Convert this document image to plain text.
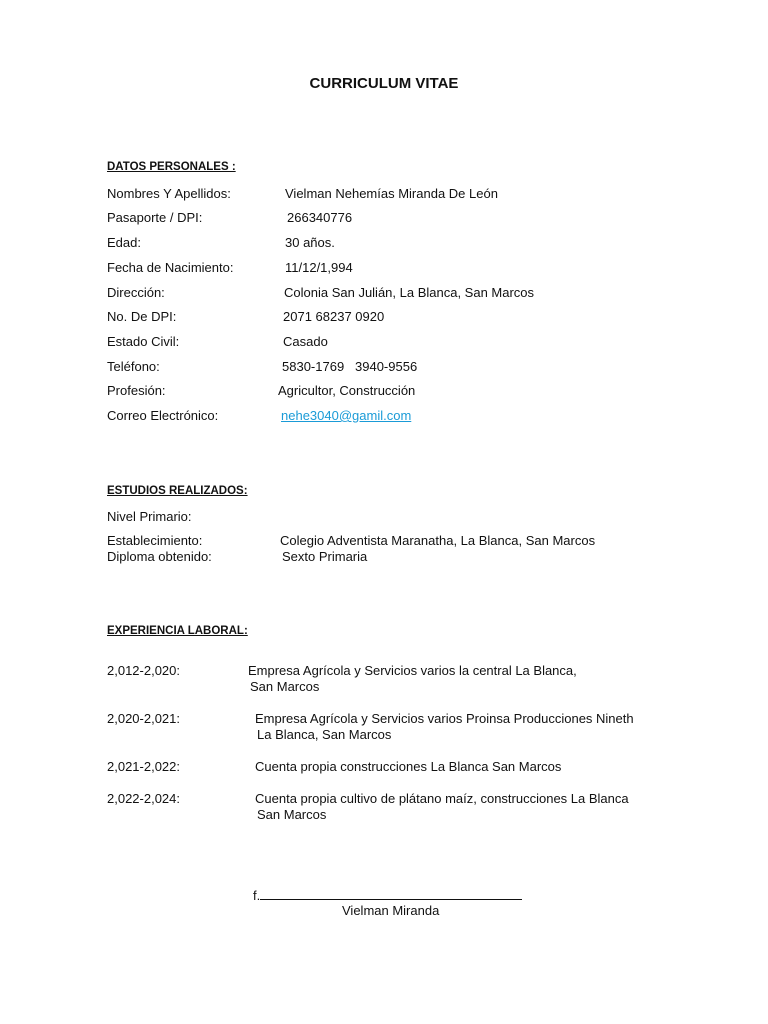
CURRICULUM VITAE
DATOS PERSONALES :
Nombres Y Apellidos:	Vielman Nehemías Miranda De León
Pasaporte / DPI:	266340776
Edad:	30 años.
Fecha de Nacimiento:	11/12/1,994
Dirección:	Colonia San Julián, La Blanca, San Marcos
No. De DPI:	2071 68237 0920
Estado Civil:	Casado
Teléfono:	5830-1769   3940-9556
Profesión:	Agricultor, Construcción
Correo Electrónico:	nehe3040@gamil.com
ESTUDIOS REALIZADOS:
Nivel Primario:
Establecimiento:	Colegio Adventista Maranatha, La Blanca, San Marcos
Diploma obtenido:	Sexto Primaria
EXPERIENCIA LABORAL:
2,012-2,020:	Empresa Agrícola y Servicios varios la central La Blanca,
San Marcos
2,020-2,021:	Empresa Agrícola y Servicios varios Proinsa Producciones Nineth
La Blanca, San Marcos
2,021-2,022:	Cuenta propia construcciones La Blanca San Marcos
2,022-2,024:	Cuenta propia cultivo de plátano maíz, construcciones La Blanca
San Marcos
f.
Vielman Miranda
